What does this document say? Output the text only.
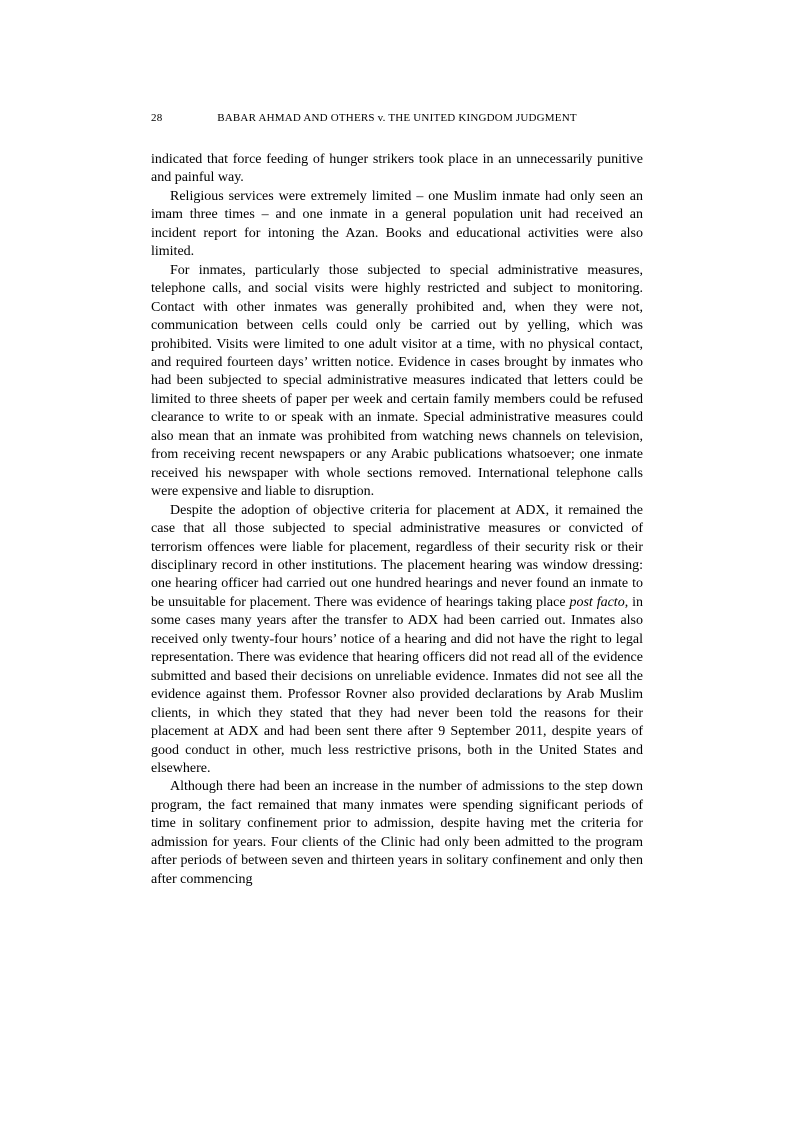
28	BABAR AHMAD AND OTHERS v. THE UNITED KINGDOM JUDGMENT

indicated that force feeding of hunger strikers took place in an unnecessarily punitive and painful way.

Religious services were extremely limited – one Muslim inmate had only seen an imam three times – and one inmate in a general population unit had received an incident report for intoning the Azan. Books and educational activities were also limited.

For inmates, particularly those subjected to special administrative measures, telephone calls, and social visits were highly restricted and subject to monitoring. Contact with other inmates was generally prohibited and, when they were not, communication between cells could only be carried out by yelling, which was prohibited. Visits were limited to one adult visitor at a time, with no physical contact, and required fourteen days’ written notice. Evidence in cases brought by inmates who had been subjected to special administrative measures indicated that letters could be limited to three sheets of paper per week and certain family members could be refused clearance to write to or speak with an inmate. Special administrative measures could also mean that an inmate was prohibited from watching news channels on television, from receiving recent newspapers or any Arabic publications whatsoever; one inmate received his newspaper with whole sections removed. International telephone calls were expensive and liable to disruption.

Despite the adoption of objective criteria for placement at ADX, it remained the case that all those subjected to special administrative measures or convicted of terrorism offences were liable for placement, regardless of their security risk or their disciplinary record in other institutions. The placement hearing was window dressing: one hearing officer had carried out one hundred hearings and never found an inmate to be unsuitable for placement. There was evidence of hearings taking place post facto, in some cases many years after the transfer to ADX had been carried out. Inmates also received only twenty-four hours’ notice of a hearing and did not have the right to legal representation. There was evidence that hearing officers did not read all of the evidence submitted and based their decisions on unreliable evidence. Inmates did not see all the evidence against them. Professor Rovner also provided declarations by Arab Muslim clients, in which they stated that they had never been told the reasons for their placement at ADX and had been sent there after 9 September 2011, despite years of good conduct in other, much less restrictive prisons, both in the United States and elsewhere.

Although there had been an increase in the number of admissions to the step down program, the fact remained that many inmates were spending significant periods of time in solitary confinement prior to admission, despite having met the criteria for admission for years. Four clients of the Clinic had only been admitted to the program after periods of between seven and thirteen years in solitary confinement and only then after commencing
